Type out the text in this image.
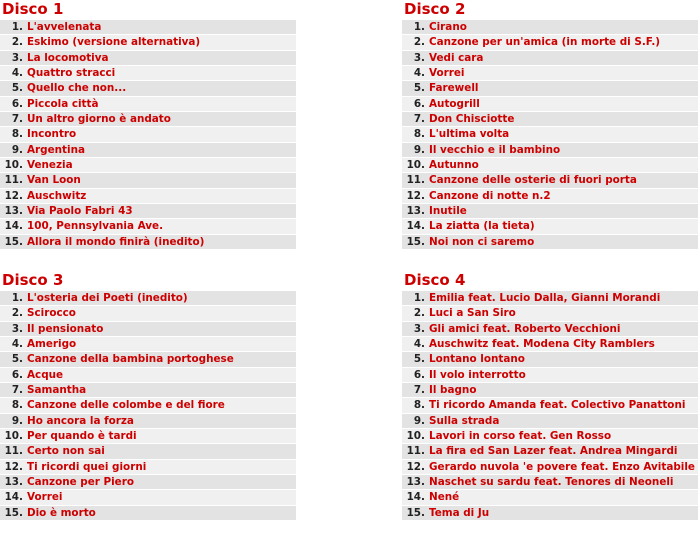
Disco 1
1. L'avvelenata
2. Eskimo (versione alternativa)
3. La locomotiva
4. Quattro stracci
5. Quello che non...
6. Piccola città
7. Un altro giorno è andato
8. Incontro
9. Argentina
10. Venezia
11. Van Loon
12. Auschwitz
13. Via Paolo Fabri 43
14. 100, Pennsylvania Ave.
15. Allora il mondo finirà (inedito)
Disco 2
1. Cirano
2. Canzone per un'amica (in morte di S.F.)
3. Vedi cara
4. Vorrei
5. Farewell
6. Autogrill
7. Don Chisciotte
8. L'ultima volta
9. Il vecchio e il bambino
10. Autunno
11. Canzone delle osterie di fuori porta
12. Canzone di notte n.2
13. Inutile
14. La ziatta (la tieta)
15. Noi non ci saremo
Disco 3
1. L'osteria dei Poeti (inedito)
2. Scirocco
3. Il pensionato
4. Amerigo
5. Canzone della bambina portoghese
6. Acque
7. Samantha
8. Canzone delle colombe e del fiore
9. Ho ancora la forza
10. Per quando è tardi
11. Certo non sai
12. Ti ricordi quei giorni
13. Canzone per Piero
14. Vorrei
15. Dio è morto
Disco 4
1. Emilia feat. Lucio Dalla, Gianni Morandi
2. Luci a San Siro
3. Gli amici feat. Roberto Vecchioni
4. Auschwitz feat. Modena City Ramblers
5. Lontano lontano
6. Il volo interrotto
7. Il bagno
8. Ti ricordo Amanda feat. Colectivo Panattoni
9. Sulla strada
10. Lavori in corso feat. Gen Rosso
11. La fira ed San Lazer feat. Andrea Mingardi
12. Gerardo nuvola 'e povere feat. Enzo Avitabile
13. Naschet su sardu feat. Tenores di Neoneli
14. Nené
15. Tema di Ju
